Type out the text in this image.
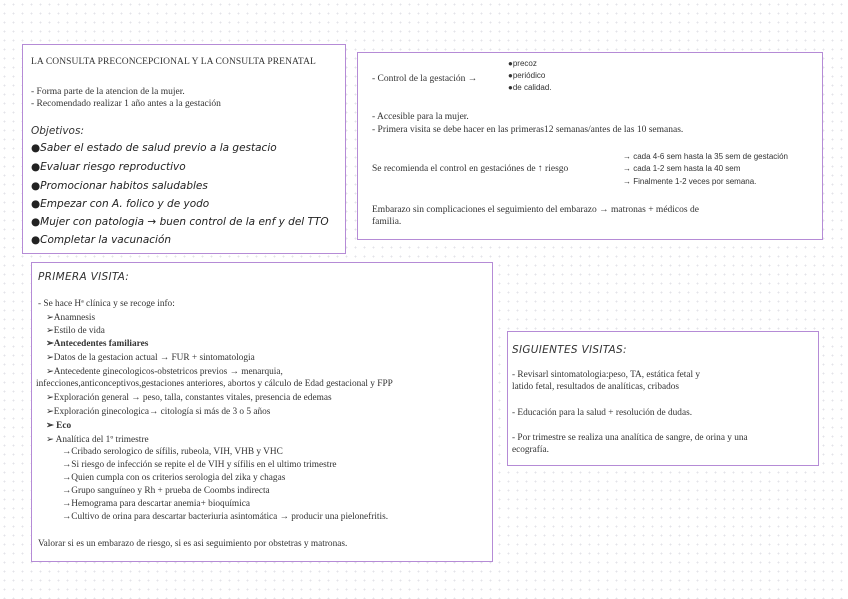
LA CONSULTA PRECONCEPCIONAL Y LA CONSULTA PRENATAL
- Forma parte de la atencion de la mujer.
- Recomendado realizar 1 año antes a la gestación
Objetivos:
●Saber el estado de salud previo a la gestacio
●Evaluar riesgo reproductivo
●Promocionar habitos saludables
●Empezar con A. folico y de yodo
●Mujer con patologia → buen control de la enf y del TTO
●Completar la vacunación
- Control de la gestación →
●precoz
●periódico
●de calidad.
- Accesible para la mujer.
- Primera visita se debe hacer en las primeras12 semanas/antes de las 10 semanas.
Se recomienda el control en gestaciónes de ↑ riesgo
→ cada 4-6 sem hasta la 35 sem de gestación
→ cada 1-2 sem hasta la 40 sem
→ Finalmente 1-2 veces por semana.
Embarazo sin complicaciones el seguimiento del embarazo → matronas + médicos de
familia.
PRIMERA VISITA:
- Se hace Hª clínica y se recoge info:
➢Anamnesis
➢Estilo de vida
➢Antecedentes familiares
➢Datos de la gestacion actual → FUR + sintomatologia
➢Antecedente ginecologicos-obstetricos previos → menarquia,
infecciones,anticonceptivos,gestaciones anteriores, abortos y cálculo de Edad gestacional y FPP
➢Exploración general → peso, talla, constantes vitales, presencia de edemas
➢Exploración ginecologica→ citología si más de 3 o 5 años
➢ Eco
➢ Analítica del 1º trimestre
→Cribado serologico de sífilis, rubeola, VIH, VHB y VHC
→Si riesgo de infección se repite el de VIH y sífilis en el ultimo trimestre
→Quien cumpla con os criterios serologia del zika y chagas
→Grupo sanguíneo y Rh + prueba de Coombs indirecta
→Hemograma para descartar anemia+ bioquímica
→Cultivo de orina para descartar bacteriuria asintomática → producir una pielonefritis.
Valorar si es un embarazo de riesgo, si es asi seguimiento por obstetras y matronas.
SIGUIENTES VISITAS:
- Revisarl sintomatologia:peso, TA, estática fetal y
latido fetal, resultados de analíticas, cribados
- Educación para la salud + resolución de dudas.
- Por trimestre se realiza una analítica de sangre, de orina y una
ecografía.
